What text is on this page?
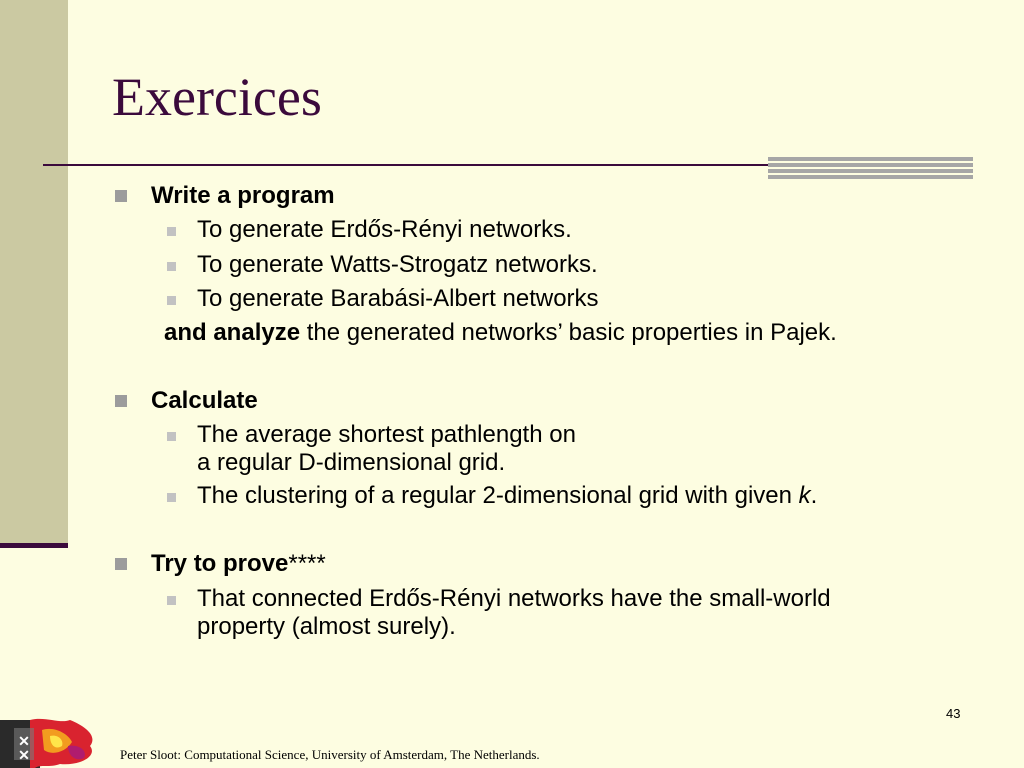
Exercices
Write a program
To generate Erdős-Rényi networks.
To generate Watts-Strogatz networks.
To generate Barabási-Albert networks
and analyze the generated networks’ basic properties in Pajek.
Calculate
The average shortest pathlength on
a regular D-dimensional grid.
The clustering of a regular 2-dimensional grid with given k.
Try to prove****
That connected Erdős-Rényi networks have the small-world
property (almost surely).
43
✕
✕	Peter Sloot: Computational Science, University of Amsterdam, The Netherlands.
